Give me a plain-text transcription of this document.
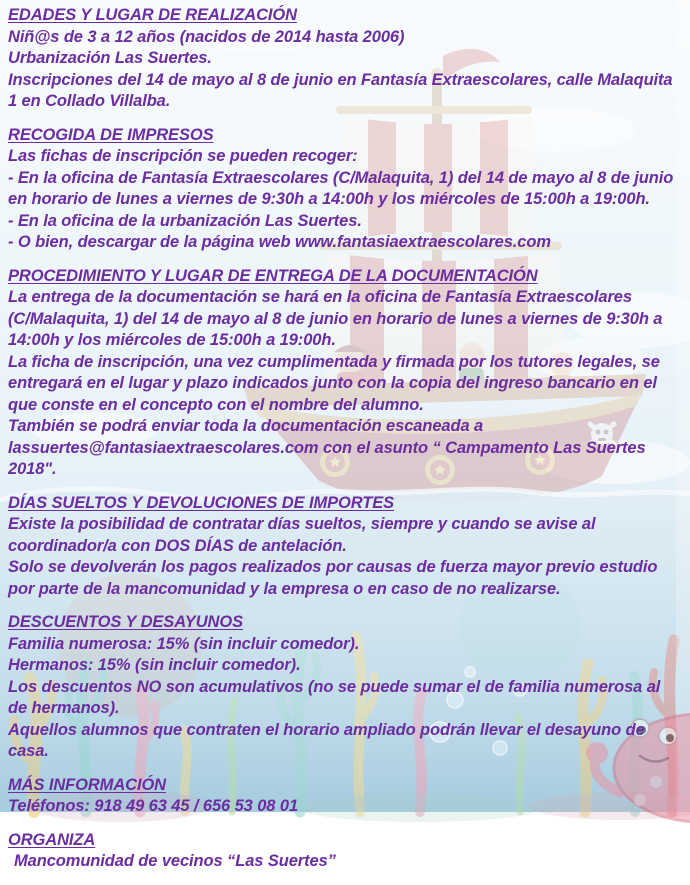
EDADES Y LUGAR DE REALIZACIÓN

Niñ@s de 3 a 12 años (nacidos de 2014 hasta 2006)

Urbanización Las Suertes.

Inscripciones del 14 de mayo al 8 de junio en Fantasía Extraescolares, calle Malaquita 1 en Collado Villalba.

RECOGIDA DE IMPRESOS

Las fichas de inscripción se pueden recoger:

- En la oficina de Fantasía Extraescolares (C/Malaquita, 1) del 14 de mayo al 8 de junio en horario de lunes a viernes de 9:30h a 14:00h y los miércoles de 15:00h a 19:00h.

- En la oficina de la urbanización Las Suertes.

- O bien, descargar de la página web www.fantasiaextraescolares.com

PROCEDIMIENTO Y LUGAR DE ENTREGA DE LA DOCUMENTACIÓN

La entrega de la documentación se hará en la oficina de Fantasía Extraescolares (C/Malaquita, 1) del 14 de mayo al 8 de junio en horario de lunes a viernes de 9:30h a 14:00h y los miércoles de 15:00h a 19:00h.

La ficha de inscripción, una vez cumplimentada y firmada por los tutores legales, se entregará en el lugar y plazo indicados junto con la copia del ingreso bancario en el que conste en el concepto con el nombre del alumno.

También se podrá enviar toda la documentación escaneada a lassuertes@fantasiaextraescolares.com con el asunto “ Campamento Las Suertes 2018".

DÍAS SUELTOS Y DEVOLUCIONES DE IMPORTES

Existe la posibilidad de contratar días sueltos, siempre y cuando se avise al coordinador/a con DOS DÍAS de antelación.

Solo se devolverán los pagos realizados por causas de fuerza mayor previo estudio por parte de la mancomunidad y la empresa o en caso de no realizarse.

DESCUENTOS Y DESAYUNOS

Familia numerosa: 15% (sin incluir comedor).

Hermanos: 15% (sin incluir comedor).

Los descuentos NO son acumulativos (no se puede sumar el de familia numerosa al de hermanos).

Aquellos alumnos que contraten el horario ampliado podrán llevar el desayuno de casa.

MÁS INFORMACIÓN

Teléfonos: 918 49 63 45 / 656 53 08 01

ORGANIZA

Mancomunidad de vecinos “Las Suertes”
